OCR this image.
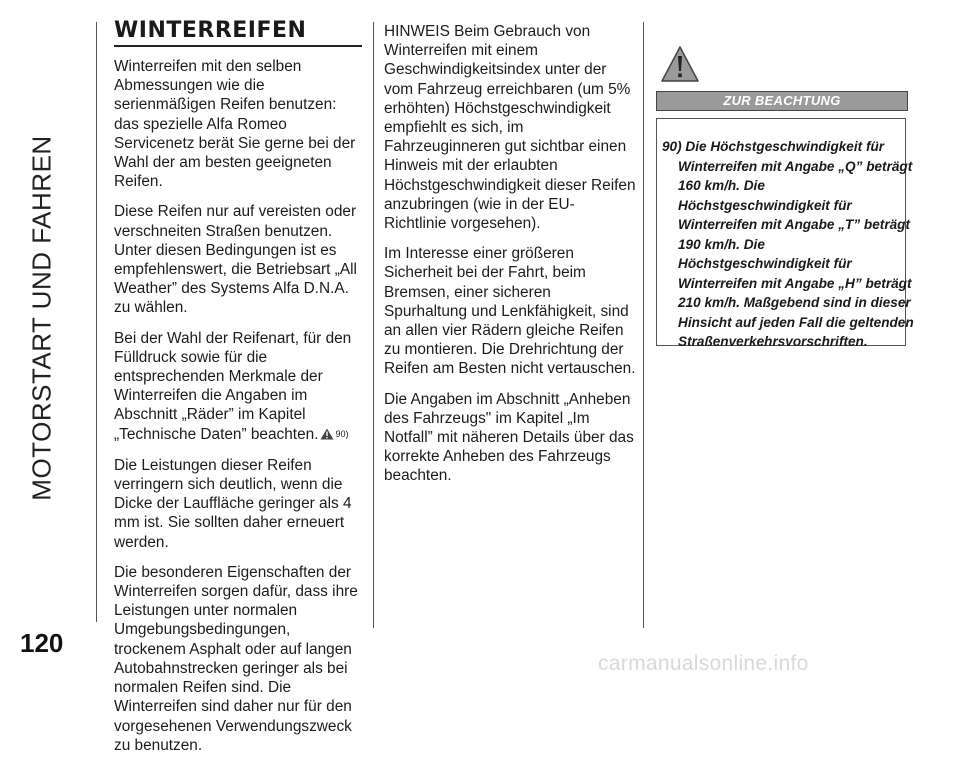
MOTORSTART UND FAHREN
120
WINTERREIFEN

Winterreifen mit den selben Abmessungen wie die serienmäßigen Reifen benutzen: das spezielle Alfa Romeo Servicenetz berät Sie gerne bei der Wahl der am besten geeigneten Reifen.

Diese Reifen nur auf vereisten oder verschneiten Straßen benutzen. Unter diesen Bedingungen ist es empfehlenswert, die Betriebsart „All Weather” des Systems Alfa D.N.A. zu wählen.

Bei der Wahl der Reifenart, für den Fülldruck sowie für die entsprechenden Merkmale der Winterreifen die Angaben im Abschnitt „Räder” im Kapitel „Technische Daten” beachten. $^{90)}$

Die Leistungen dieser Reifen verringern sich deutlich, wenn die Dicke der Lauffläche geringer als 4 mm ist. Sie sollten daher erneuert werden.

Die besonderen Eigenschaften der Winterreifen sorgen dafür, dass ihre Leistungen unter normalen Umgebungsbedingungen, trockenem Asphalt oder auf langen Autobahnstrecken geringer als bei normalen Reifen sind. Die Winterreifen sind daher nur für den vorgesehenen Verwendungszweck zu benutzen.

HINWEIS Beim Gebrauch von Winterreifen mit einem Geschwindigkeitsindex unter der vom Fahrzeug erreichbaren (um 5% erhöhten) Höchstgeschwindigkeit empfiehlt es sich, im Fahrzeuginneren gut sichtbar einen Hinweis mit der erlaubten Höchstgeschwindigkeit dieser Reifen anzubringen (wie in der EU-Richtlinie vorgesehen).

Im Interesse einer größeren Sicherheit bei der Fahrt, beim Bremsen, einer sicheren Spurhaltung und Lenkfähigkeit, sind an allen vier Rädern gleiche Reifen zu montieren. Die Drehrichtung der Reifen am Besten nicht vertauschen.

Die Angaben im Abschnitt „Anheben des Fahrzeugs" im Kapitel „Im Notfall” mit näheren Details über das korrekte Anheben des Fahrzeugs beachten.

ZUR BEACHTUNG

90) Die Höchstgeschwindigkeit für Winterreifen mit Angabe „Q” beträgt 160 km/h. Die Höchstgeschwindigkeit für Winterreifen mit Angabe „T” beträgt 190 km/h. Die Höchstgeschwindigkeit für Winterreifen mit Angabe „H” beträgt 210 km/h. Maßgebend sind in dieser Hinsicht auf jeden Fall die geltenden Straßenverkehrsvorschriften.

carmanualsonline.info
